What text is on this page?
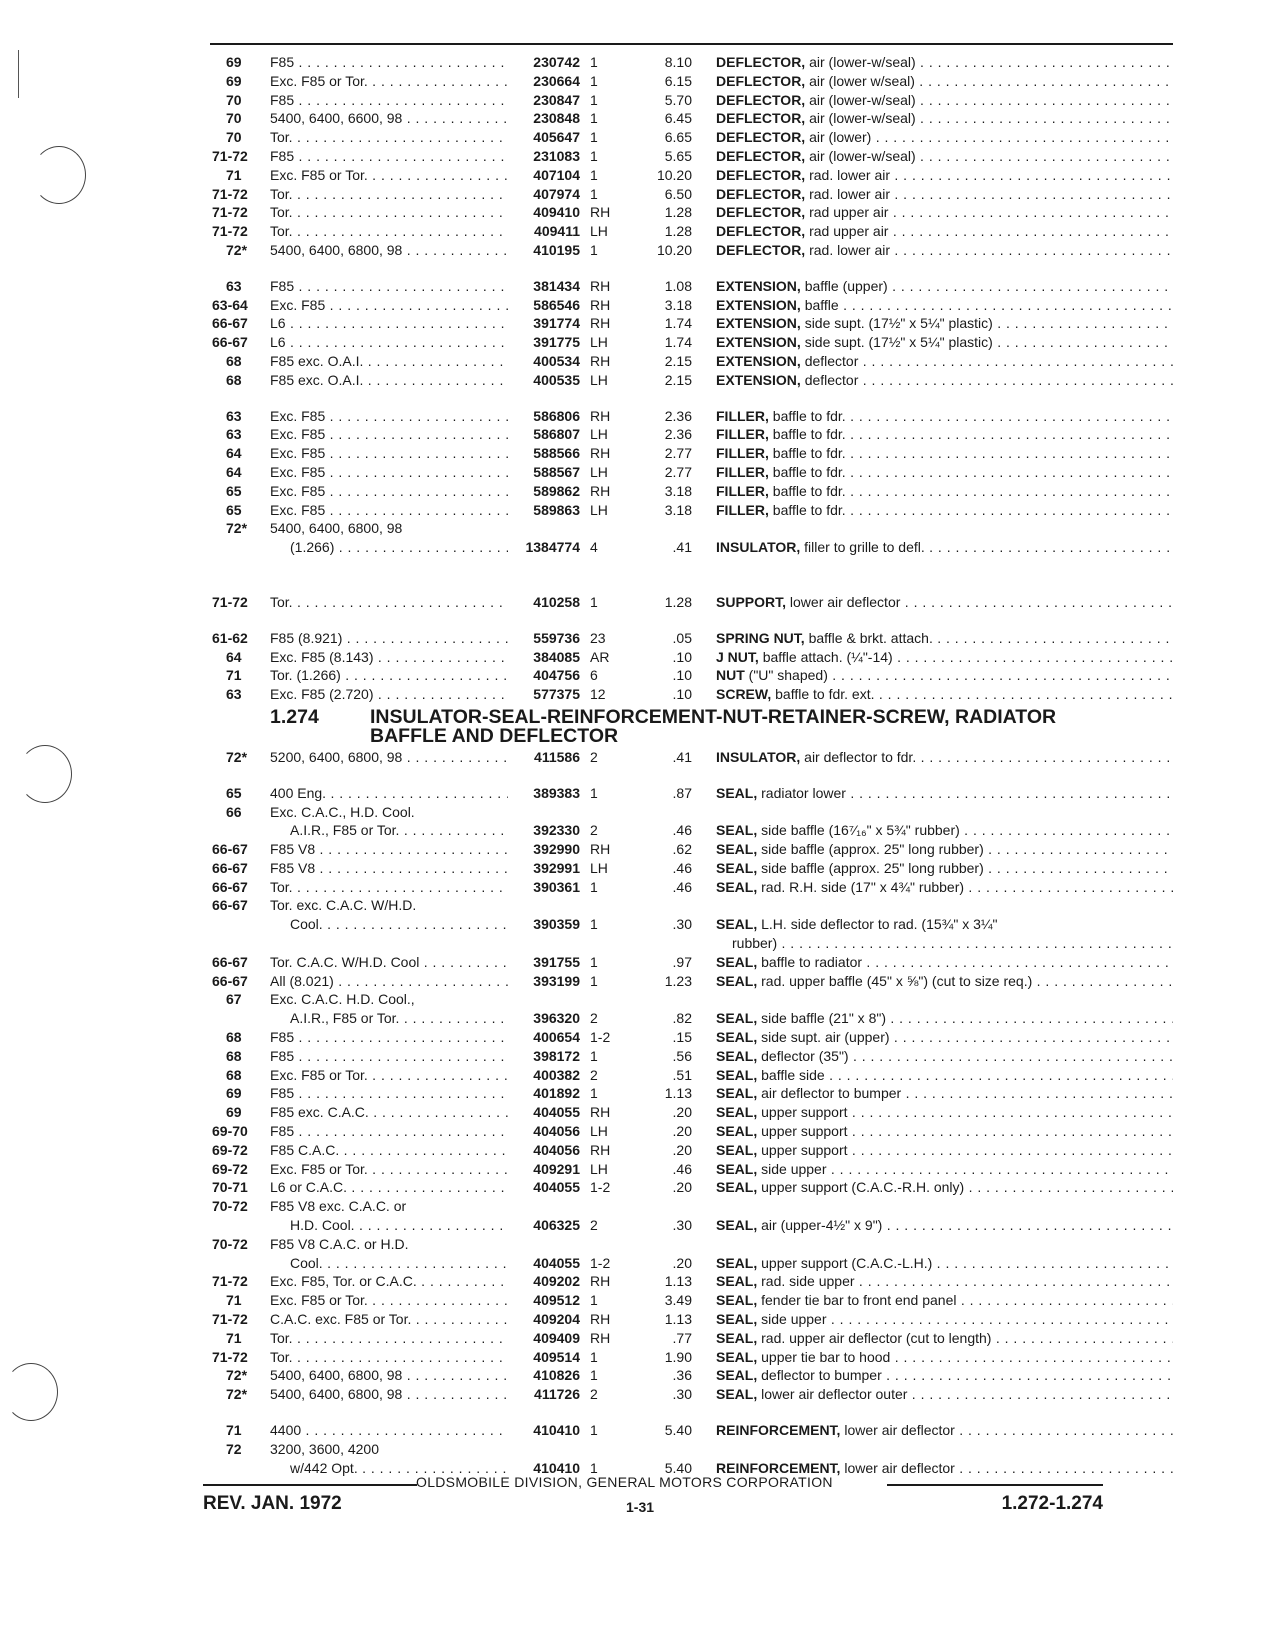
69	F85 . . .	230742 1	8.10	DEFLECTOR, air (lower-w/seal) . . .
69	Exc. F85 or Tor. . . .	230664 1	6.15	DEFLECTOR, air (lower w/seal) . . .
70	F85 . . .	230847 1	5.70	DEFLECTOR, air (lower-w/seal) . . .
70	5400, 6400, 6600, 98 . . .	230848 1	6.45	DEFLECTOR, air (lower-w/seal) . . .
70	Tor. . . .	405647 1	6.65	DEFLECTOR, air (lower) . . .
71-72	F85 . . .	231083 1	5.65	DEFLECTOR, air (lower-w/seal) . . .
71	Exc. F85 or Tor. . . .	407104 1	10.20	DEFLECTOR, rad. lower air . . .
71-72	Tor. . . .	407974 1	6.50	DEFLECTOR, rad. lower air . . .
71-72	Tor. . . .	409410 RH	1.28	DEFLECTOR, rad upper air . . .
71-72	Tor. . . .	409411 LH	1.28	DEFLECTOR, rad upper air . . .
72*	5400, 6400, 6800, 98 . . .	410195 1	10.20	DEFLECTOR, rad. lower air . . .
63	F85 . . .	381434 RH	1.08	EXTENSION, baffle (upper) . . .
63-64	Exc. F85 . . .	586546 RH	3.18	EXTENSION, baffle . . .
66-67	L6 . . .	391774 RH	1.74	EXTENSION, side supt. (17½" x 5¼" plastic) . . .
66-67	L6 . . .	391775 LH	1.74	EXTENSION, side supt. (17½" x 5¼" plastic) . . .
68	F85 exc. O.A.I. . . .	400534 RH	2.15	EXTENSION, deflector . . .
68	F85 exc. O.A.I. . . .	400535 LH	2.15	EXTENSION, deflector . . .
63	Exc. F85 . . .	586806 RH	2.36	FILLER, baffle to fdr. . . .
63	Exc. F85 . . .	586807 LH	2.36	FILLER, baffle to fdr. . . .
64	Exc. F85 . . .	588566 RH	2.77	FILLER, baffle to fdr. . . .
64	Exc. F85 . . .	588567 LH	2.77	FILLER, baffle to fdr. . . .
65	Exc. F85 . . .	589862 RH	3.18	FILLER, baffle to fdr. . . .
65	Exc. F85 . . .	589863 LH	3.18	FILLER, baffle to fdr. . . .
72*	5400, 6400, 6800, 98
(1.266) . . .	1384774 4	.41	INSULATOR, filler to grille to defl. . . .
71-72	Tor. . . .	410258 1	1.28	SUPPORT, lower air deflector . . .
61-62	F85 (8.921) . . .	559736 23	.05	SPRING NUT, baffle & brkt. attach. . . .
64	Exc. F85 (8.143) . . .	384085 AR	.10	J NUT, baffle attach. (¼"-14) . . .
71	Tor. (1.266) . . .	404756 6	.10	NUT ("U" shaped) . . .
63	Exc. F85 (2.720) . . .	577375 12	.10	SCREW, baffle to fdr. ext. . . .
1.274	INSULATOR-SEAL-REINFORCEMENT-NUT-RETAINER-SCREW, RADIATOR BAFFLE AND DEFLECTOR
72*	5200, 6400, 6800, 98 . . .	411586 2	.41	INSULATOR, air deflector to fdr. . . .
65	400 Eng. . . .	389383 1	.87	SEAL, radiator lower . . .
66	Exc. C.A.C., H.D. Cool.
A.I.R., F85 or Tor. . . .	392330 2	.46	SEAL, side baffle (16⁷⁄₁₆" x 5¾" rubber) . . .
66-67	F85 V8 . . .	392990 RH	.62	SEAL, side baffle (approx. 25" long rubber) . . .
66-67	F85 V8 . . .	392991 LH	.46	SEAL, side baffle (approx. 25" long rubber) . . .
66-67	Tor. . . .	390361 1	.46	SEAL, rad. R.H. side (17" x 4¾" rubber) . . .
66-67	Tor. exc. C.A.C. W/H.D.
Cool. . . .	390359 1	.30	SEAL, L.H. side deflector to rad. (15¾" x 3¼"
rubber) . . .
66-67	Tor. C.A.C. W/H.D. Cool . . .	391755 1	.97	SEAL, baffle to radiator . . .
66-67	All (8.021) . . .	393199 1	1.23	SEAL, rad. upper baffle (45" x ⅝") (cut to size req.) . . .
67	Exc. C.A.C. H.D. Cool.,
A.I.R., F85 or Tor. . . .	396320 2	.82	SEAL, side baffle (21" x 8") . . .
68	F85 . . .	400654 1-2	.15	SEAL, side supt. air (upper) . . .
68	F85 . . .	398172 1	.56	SEAL, deflector (35") . . .
68	Exc. F85 or Tor. . . .	400382 2	.51	SEAL, baffle side . . .
69	F85 . . .	401892 1	1.13	SEAL, air deflector to bumper . . .
69	F85 exc. C.A.C. . . .	404055 RH	.20	SEAL, upper support . . .
69-70	F85 . . .	404056 LH	.20	SEAL, upper support . . .
69-72	F85 C.A.C. . . .	404056 RH	.20	SEAL, upper support . . .
69-72	Exc. F85 or Tor. . . .	409291 LH	.46	SEAL, side upper . . .
70-71	L6 or C.A.C. . . .	404055 1-2	.20	SEAL, upper support (C.A.C.-R.H. only) . . .
70-72	F85 V8 exc. C.A.C. or
H.D. Cool. . . .	406325 2	.30	SEAL, air (upper-4½" x 9") . . .
70-72	F85 V8 C.A.C. or H.D.
Cool. . . .	404055 1-2	.20	SEAL, upper support (C.A.C.-L.H.) . . .
71-72	Exc. F85, Tor. or C.A.C. . . .	409202 RH	1.13	SEAL, rad. side upper . . .
71	Exc. F85 or Tor. . . .	409512 1	3.49	SEAL, fender tie bar to front end panel . . .
71-72	C.A.C. exc. F85 or Tor. . . .	409204 RH	1.13	SEAL, side upper . . .
71	Tor. . . .	409409 RH	.77	SEAL, rad. upper air deflector (cut to length) . . .
71-72	Tor. . . .	409514 1	1.90	SEAL, upper tie bar to hood . . .
72*	5400, 6400, 6800, 98 . . .	410826 1	.36	SEAL, deflector to bumper . . .
72*	5400, 6400, 6800, 98 . . .	411726 2	.30	SEAL, lower air deflector outer . . .
71	4400 . . .	410410 1	5.40	REINFORCEMENT, lower air deflector . . .
72	3200, 3600, 4200
w/442 Opt. . . .	410410 1	5.40	REINFORCEMENT, lower air deflector . . .
OLDSMOBILE DIVISION, GENERAL MOTORS CORPORATION
REV. JAN. 1972	1-31	1.272-1.274
